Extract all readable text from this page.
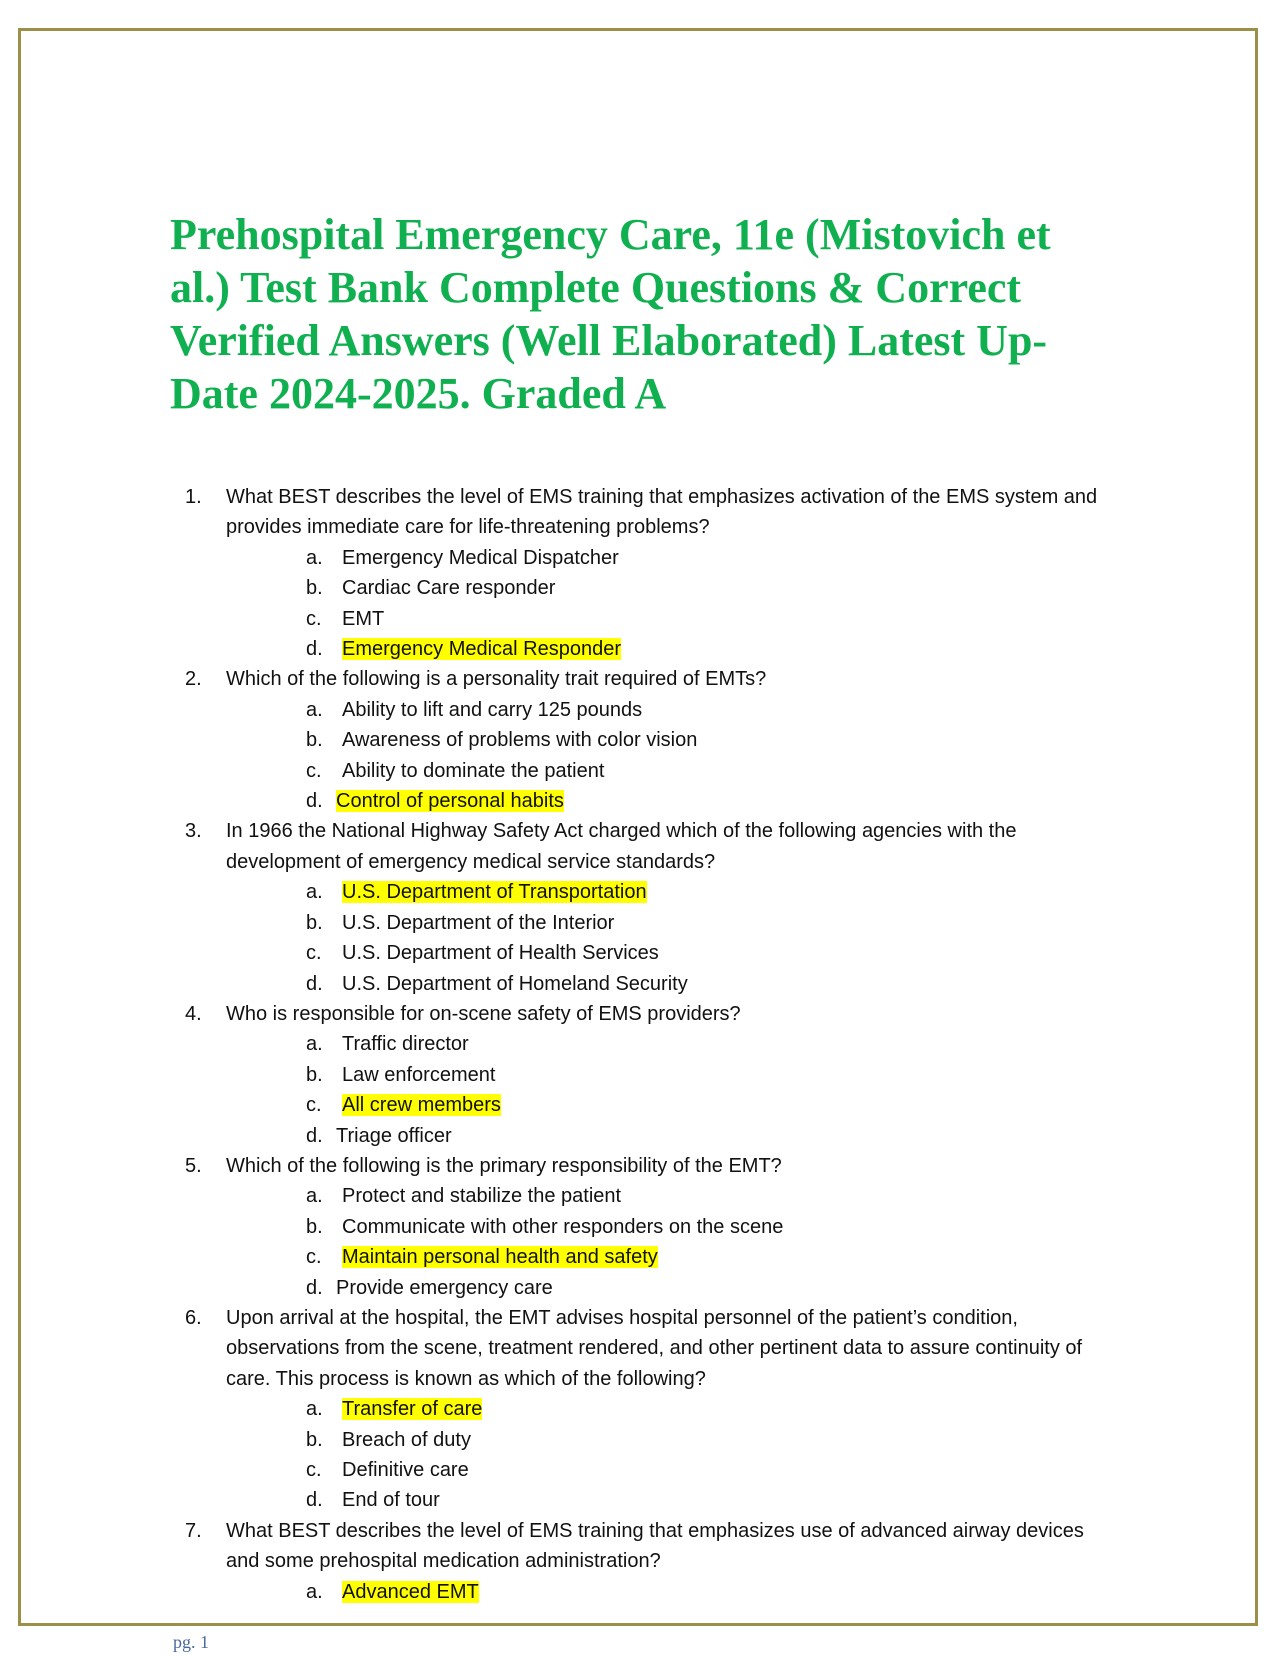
Prehospital Emergency Care, 11e (Mistovich et al.) Test Bank Complete Questions & Correct Verified Answers (Well Elaborated) Latest Up-Date 2024-2025. Graded A
1. What BEST describes the level of EMS training that emphasizes activation of the EMS system and provides immediate care for life-threatening problems?
a. Emergency Medical Dispatcher
b. Cardiac Care responder
c. EMT
d. Emergency Medical Responder
2. Which of the following is a personality trait required of EMTs?
a. Ability to lift and carry 125 pounds
b. Awareness of problems with color vision
c. Ability to dominate the patient
d. Control of personal habits
3. In 1966 the National Highway Safety Act charged which of the following agencies with the development of emergency medical service standards?
a. U.S. Department of Transportation
b. U.S. Department of the Interior
c. U.S. Department of Health Services
d. U.S. Department of Homeland Security
4. Who is responsible for on-scene safety of EMS providers?
a. Traffic director
b. Law enforcement
c. All crew members
d. Triage officer
5. Which of the following is the primary responsibility of the EMT?
a. Protect and stabilize the patient
b. Communicate with other responders on the scene
c. Maintain personal health and safety
d. Provide emergency care
6. Upon arrival at the hospital, the EMT advises hospital personnel of the patient’s condition, observations from the scene, treatment rendered, and other pertinent data to assure continuity of care. This process is known as which of the following?
a. Transfer of care
b. Breach of duty
c. Definitive care
d. End of tour
7. What BEST describes the level of EMS training that emphasizes use of advanced airway devices and some prehospital medication administration?
a. Advanced EMT
pg. 1
